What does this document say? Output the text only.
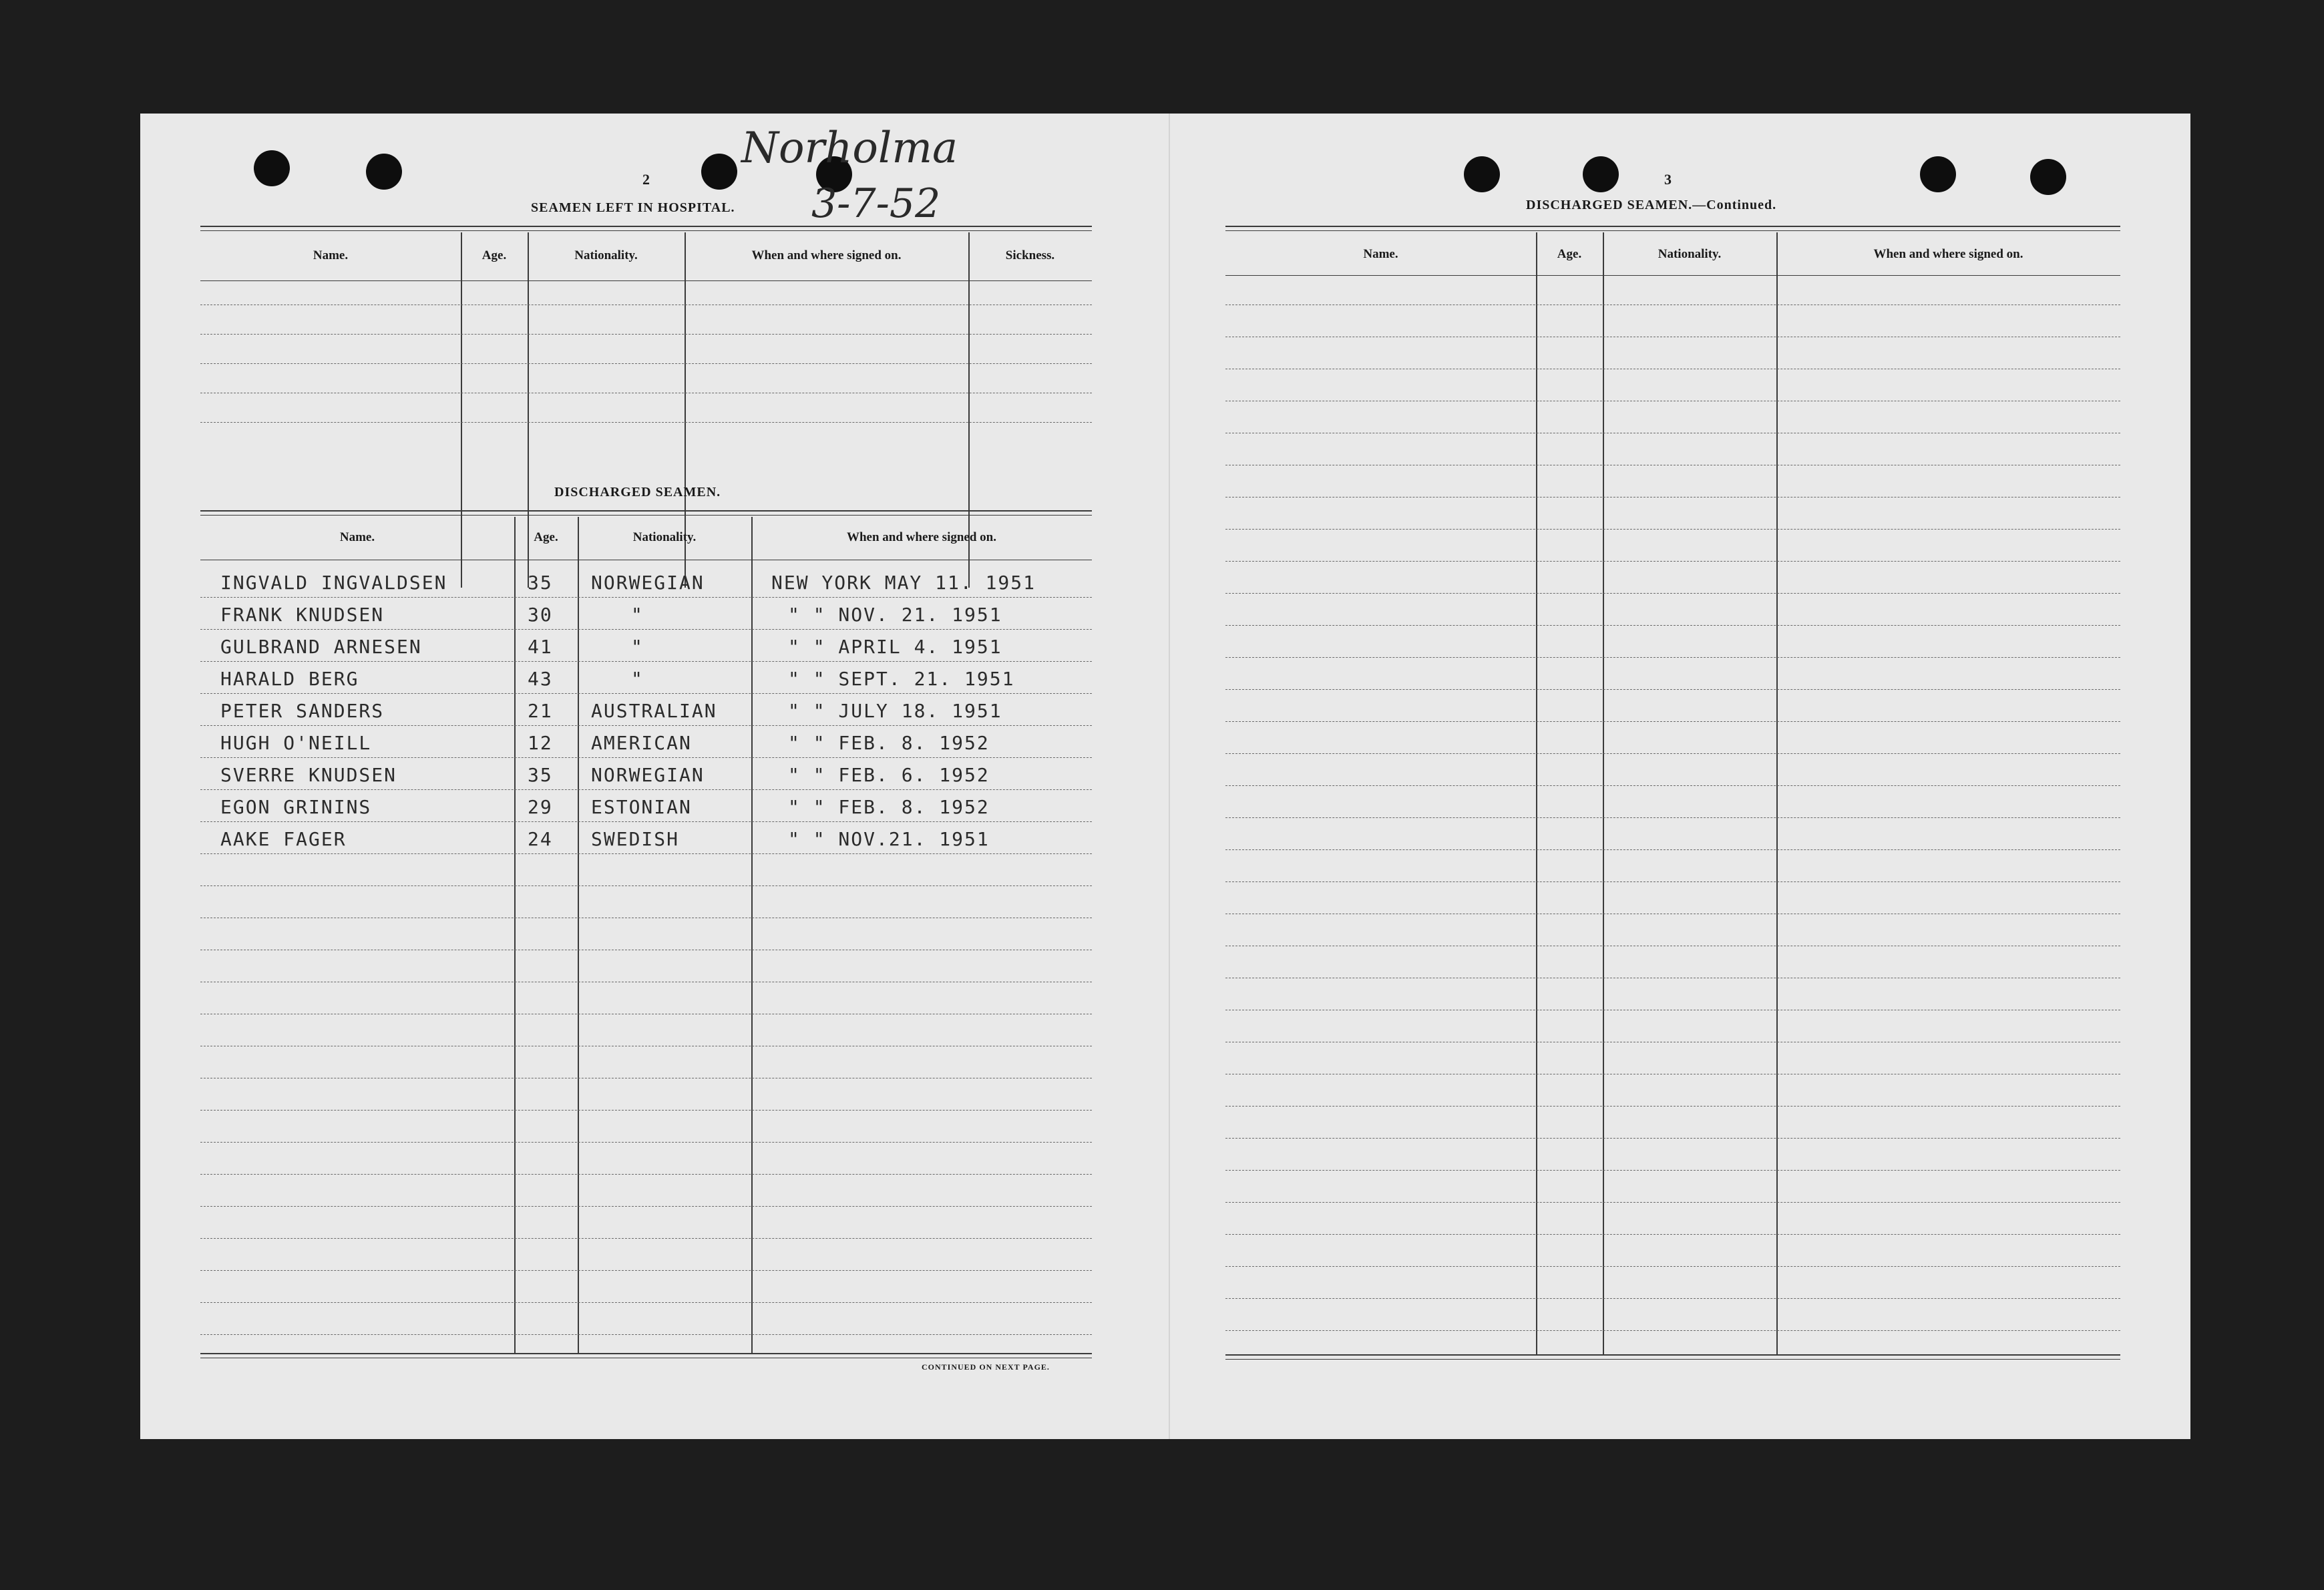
2
Norholma
3-7-52
SEAMEN LEFT IN HOSPITAL.
Name.	Age.	Nationality.	When and where signed on.	Sickness.
DISCHARGED SEAMEN.
Name.	Age.	Nationality.	When and where signed on.
INGVALD INGVALDSEN	35 NORWEGIAN	NEW YORK MAY 11. 1951
FRANK KNUDSEN	30	"	" " NOV. 21. 1951
GULBRAND ARNESEN	41	"	" " APRIL 4. 1951
HARALD BERG	43	"	" " SEPT. 21. 1951
PETER SANDERS	21 AUSTRALIAN	" " JULY 18. 1951
HUGH O'NEILL	12 AMERICAN	" " FEB. 8. 1952
SVERRE KNUDSEN	35 NORWEGIAN	" " FEB. 6. 1952
EGON GRININS	29 ESTONIAN	" " FEB. 8. 1952
AAKE FAGER	24 SWEDISH	" " NOV.21. 1951
CONTINUED ON NEXT PAGE.
3
DISCHARGED SEAMEN.—Continued.
Name.	Age.	Nationality.	When and where signed on.
